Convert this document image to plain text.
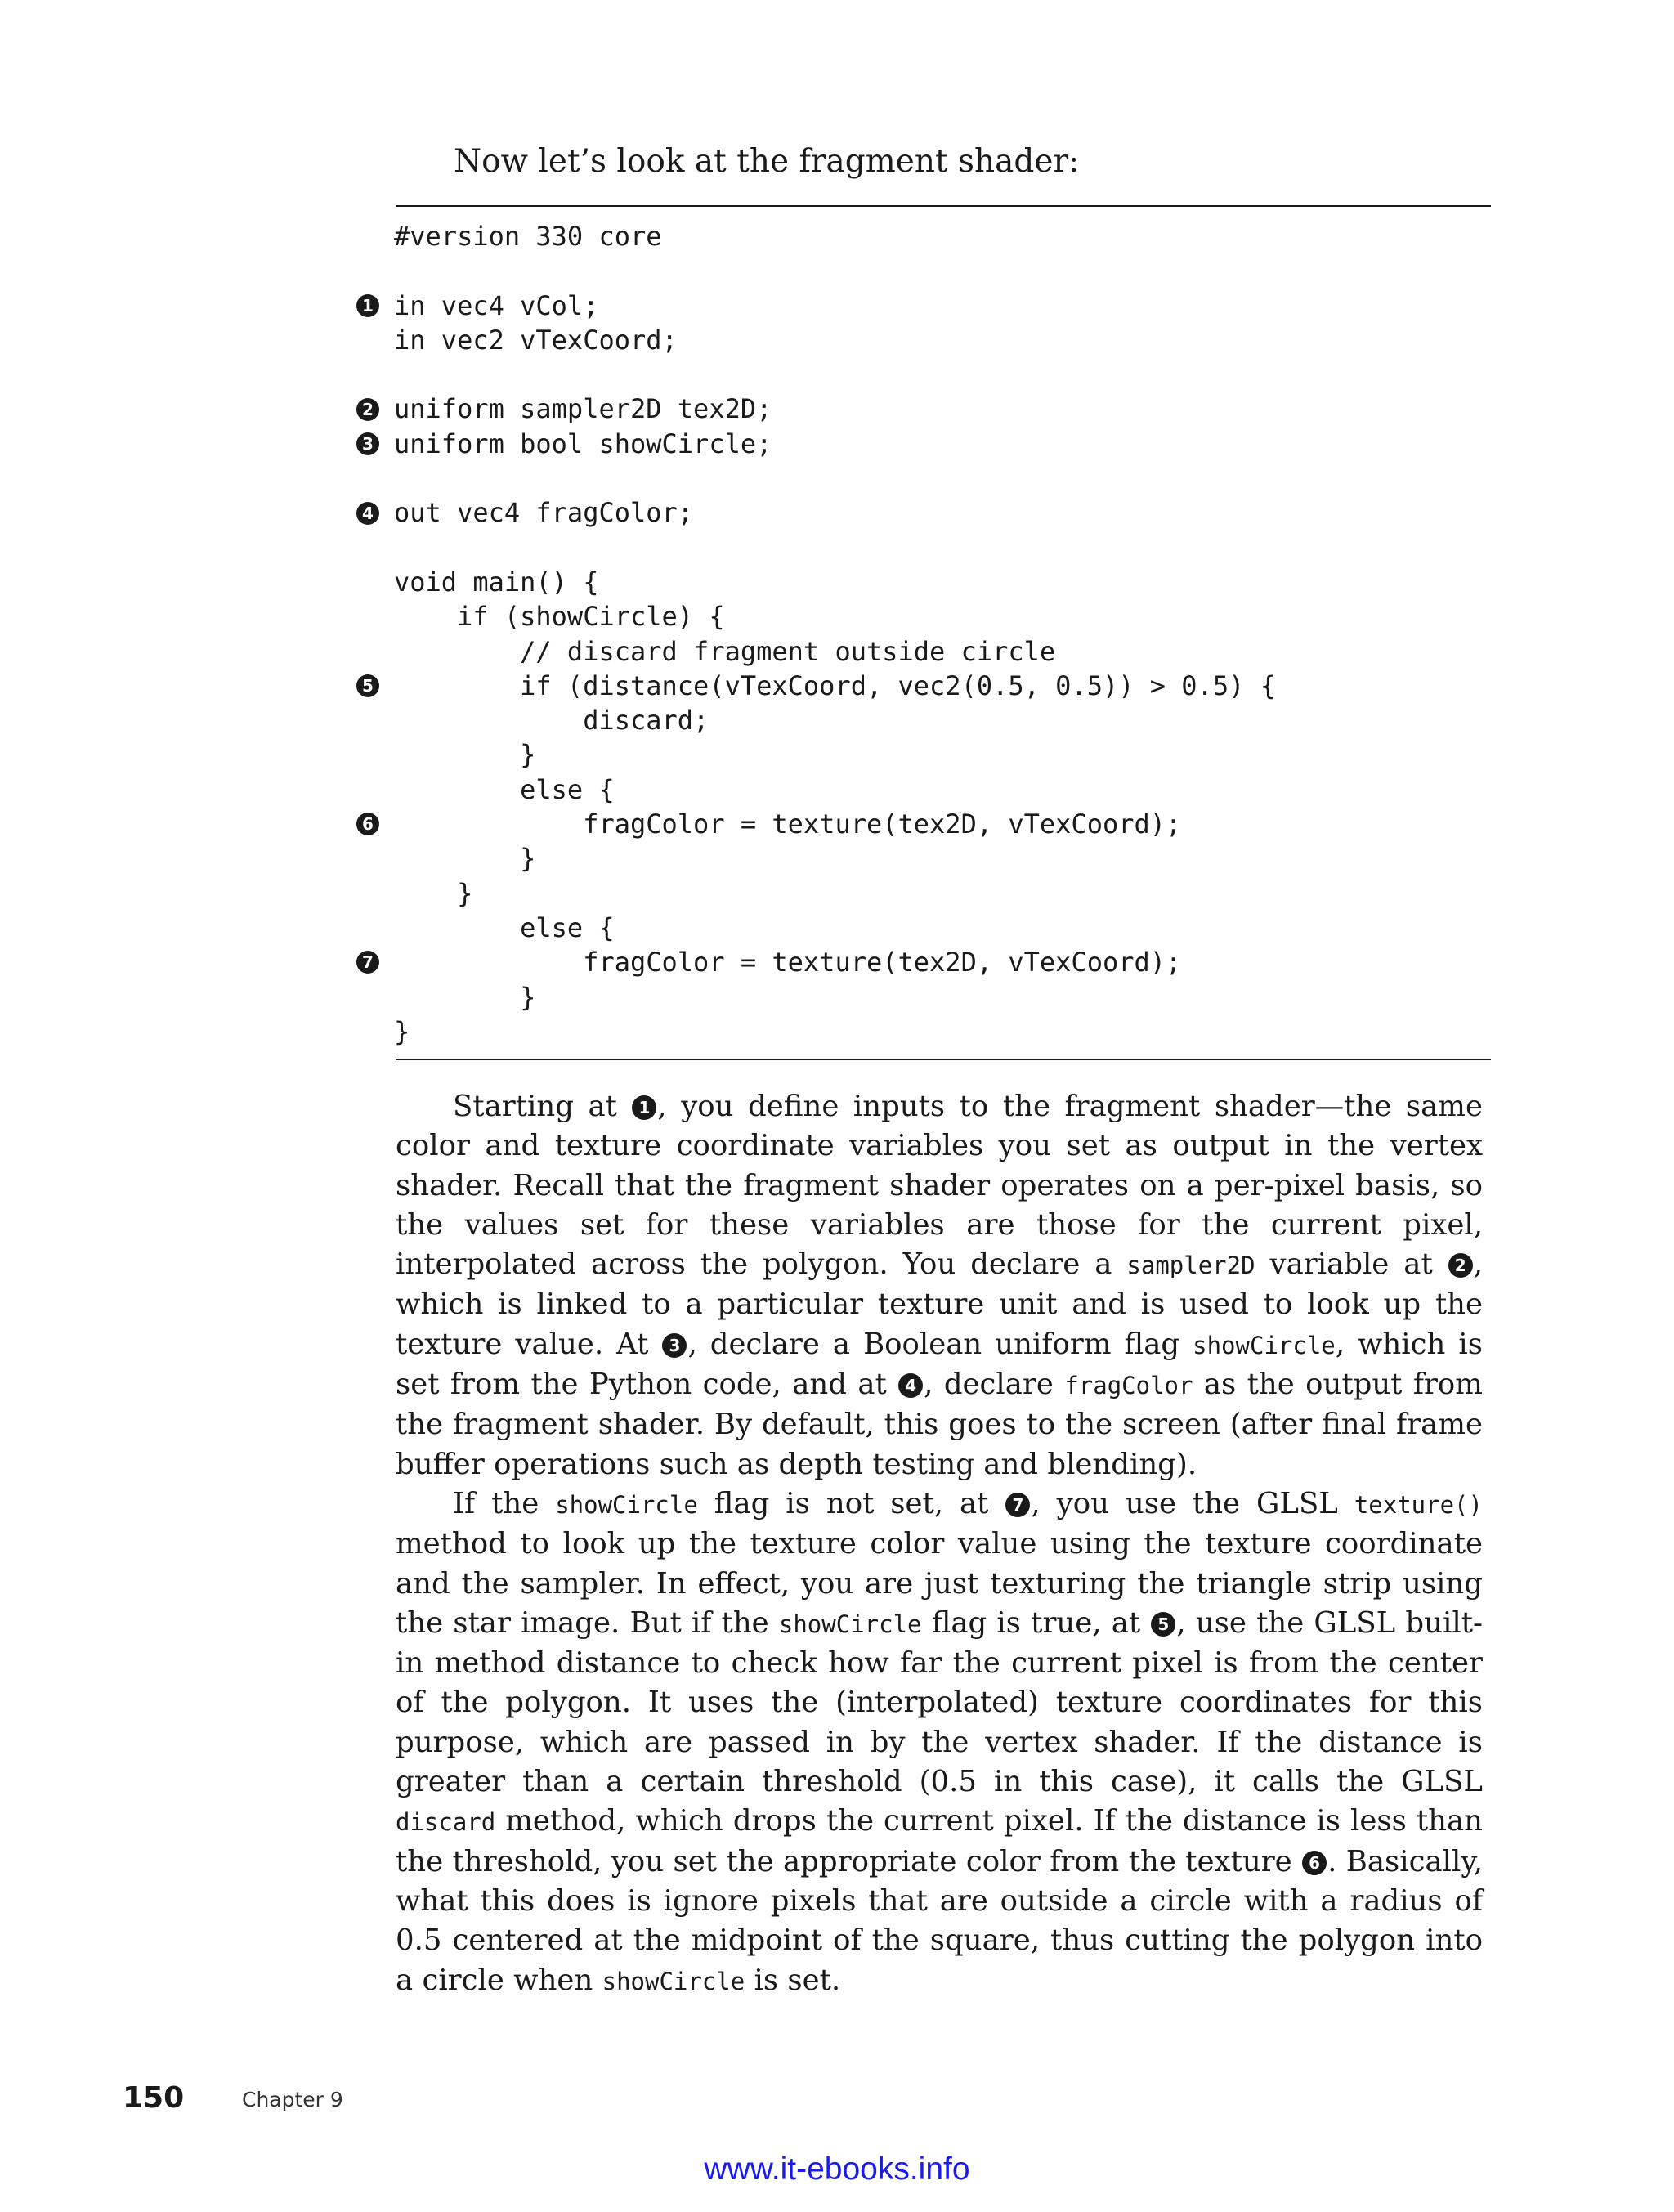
Now let’s look at the fragment shader:
#version 330 core
1 in vec4 vCol;
in vec2 vTexCoord;
2 uniform sampler2D tex2D;
3 uniform bool showCircle;
4 out vec4 fragColor;
void main() {
if (showCircle) {
// discard fragment outside circle
5 if (distance(vTexCoord, vec2(0.5, 0.5)) > 0.5) {
discard;
}
else {
6 fragColor = texture(tex2D, vTexCoord);
}
}
else {
7 fragColor = texture(tex2D, vTexCoord);
}
}

Starting at 1 , you define inputs to the fragment shader—the same color and texture coordinate variables you set as output in the vertex shader. Recall that the fragment shader operates on a per-pixel basis, so the values set for these variables are those for the current pixel, interpolated across the polygon. You declare a sampler2D variable at 2 , which is linked to a particular texture unit and is used to look up the texture value. At 3 , declare a Boolean uniform flag showCircle, which is set from the Python code, and at 4 , declare fragColor as the output from the fragment shader. By default, this goes to the screen (after final frame buffer operations such as depth testing and blending).

If the showCircle flag is not set, at 7 , you use the GLSL texture() method to look up the texture color value using the texture coordinate and the sampler. In effect, you are just texturing the triangle strip using the star image. But if the showCircle flag is true, at 5 , use the GLSL built-in method distance to check how far the current pixel is from the center of the polygon. It uses the (interpolated) texture coordinates for this purpose, which are passed in by the vertex shader. If the distance is greater than a certain threshold (0.5 in this case), it calls the GLSL discard method, which drops the current pixel. If the distance is less than the threshold, you set the appropriate color from the texture 6 . Basically, what this does is ignore pixels that are outside a circle with a radius of 0.5 centered at the midpoint of the square, thus cutting the polygon into a circle when showCircle is set.

150	Chapter 9
www.it-ebooks.info
